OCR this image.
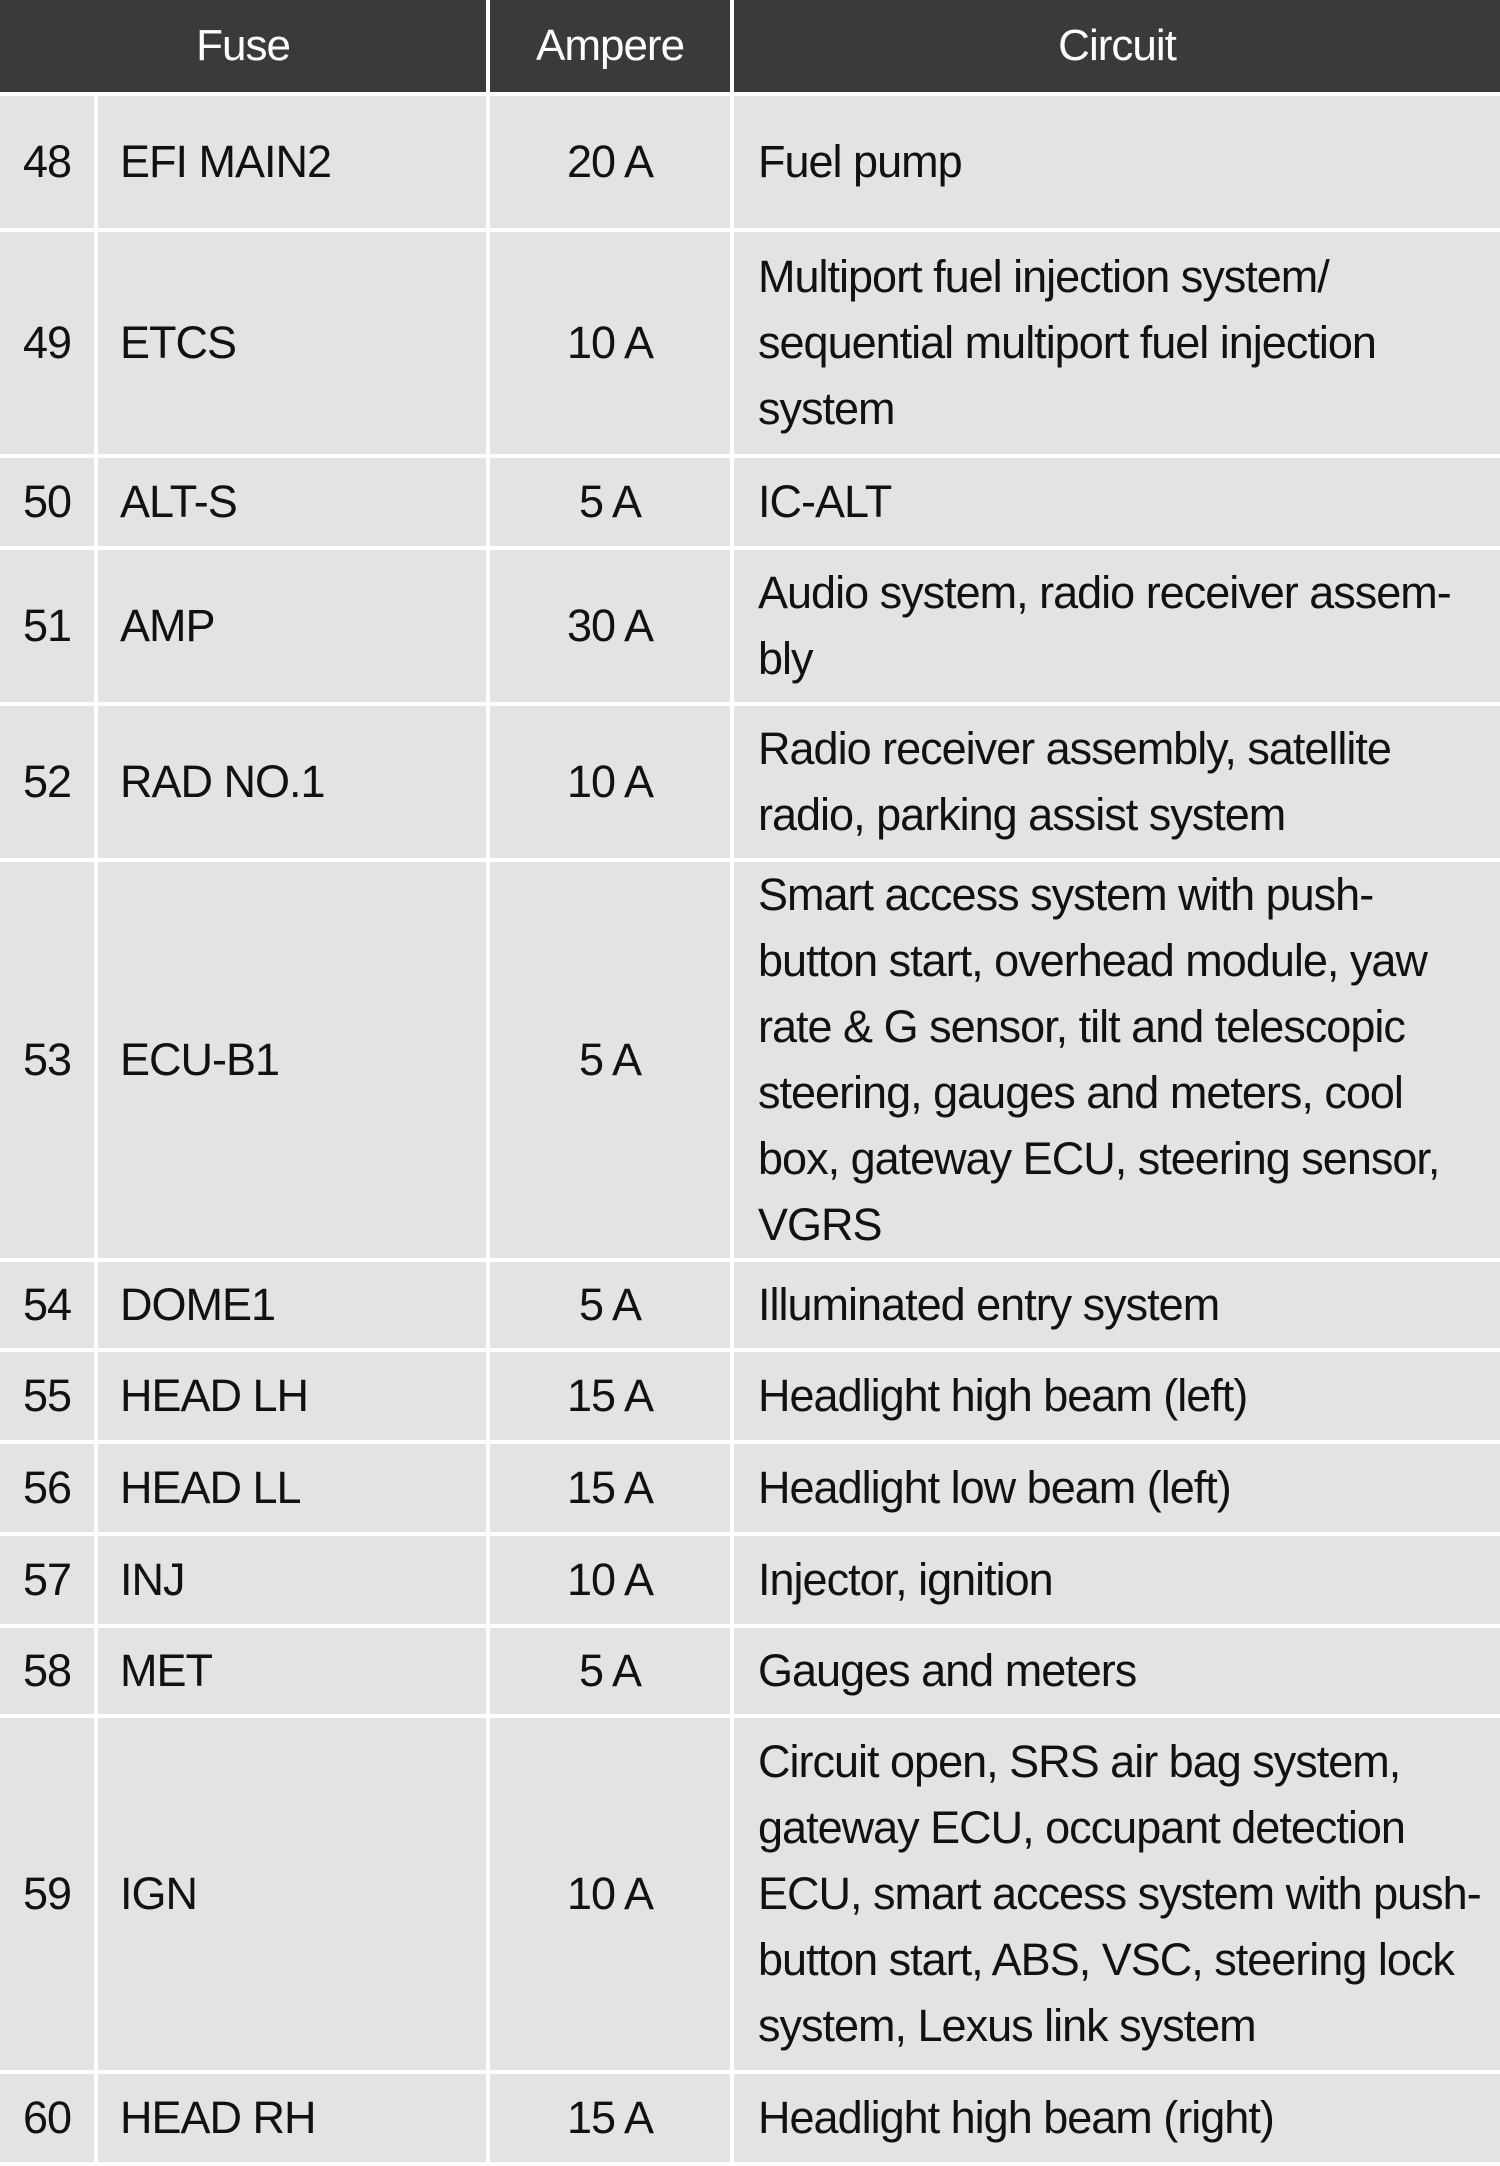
Fuse		Ampere	Circuit
48	EFI MAIN2	20 A	Fuel pump
49	ETCS	10 A	Multiport fuel injection system/ sequential multiport fuel injection system
50	ALT-S	5 A	IC-ALT
51	AMP	30 A	Audio system, radio receiver assem-bly
52	RAD NO.1	10 A	Radio receiver assembly, satellite radio, parking assist system
53	ECU-B1	5 A	Smart access system with push-button start, overhead module, yaw rate & G sensor, tilt and telescopic steering, gauges and meters, cool box, gateway ECU, steering sensor, VGRS
54	DOME1	5 A	Illuminated entry system
55	HEAD LH	15 A	Headlight high beam (left)
56	HEAD LL	15 A	Headlight low beam (left)
57	INJ	10 A	Injector, ignition
58	MET	5 A	Gauges and meters
59	IGN	10 A	Circuit open, SRS air bag system, gateway ECU, occupant detection ECU, smart access system with push-button start, ABS, VSC, steering lock system, Lexus link system
60	HEAD RH	15 A	Headlight high beam (right)
